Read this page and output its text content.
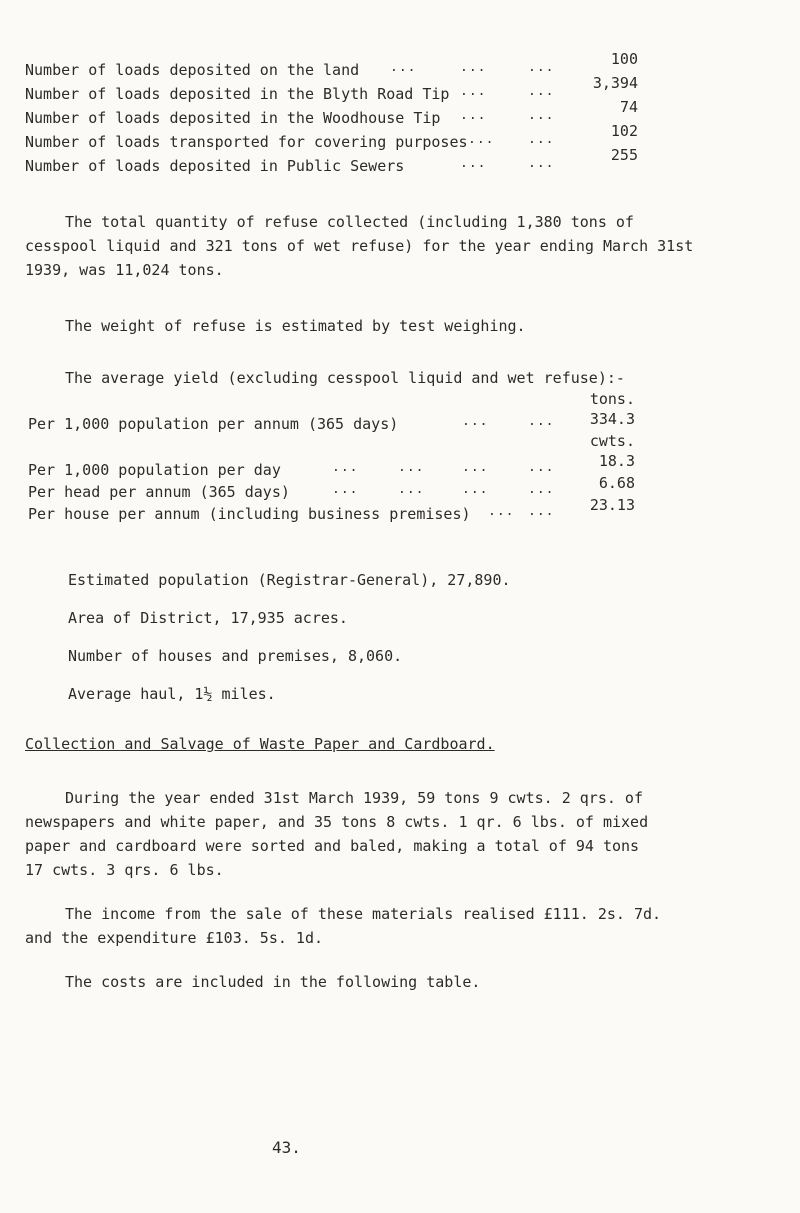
Number of loads deposited on the land ...	...	...	100
Number of loads deposited in the Blyth Road Tip ...	...	3,394
Number of loads deposited in the Woodhouse Tip ...	...	74
Number of loads transported for covering purposes ...	...	102
Number of loads deposited in Public Sewers	...	...	255
The total quantity of refuse collected (including 1,380 tons of
cesspool liquid and 321 tons of wet refuse) for the year ending March 31st
1939, was 11,024 tons.
The weight of refuse is estimated by test weighing.
The average yield (excluding cesspool liquid and wet refuse):-
tons.
Per 1,000 population per annum (365 days)	...	...	334.3
cwts.
Per 1,000 population per day	...	...	...	...	18.3
Per head per annum (365 days)	...	...	...	...	6.68
Per house per annum (including business premises) ... ...	23.13
Estimated population (Registrar-General), 27,890.
Area of District, 17,935 acres.
Number of houses and premises, 8,060.
Average haul, 1½ miles.
Collection and Salvage of Waste Paper and Cardboard.
During the year ended 31st March 1939, 59 tons 9 cwts. 2 qrs. of
newspapers and white paper, and 35 tons 8 cwts. 1 qr. 6 lbs. of mixed
paper and cardboard were sorted and baled, making a total of 94 tons
17 cwts. 3 qrs. 6 lbs.
The income from the sale of these materials realised £111. 2s. 7d.
and the expenditure £103. 5s. 1d.
The costs are included in the following table.
43.
